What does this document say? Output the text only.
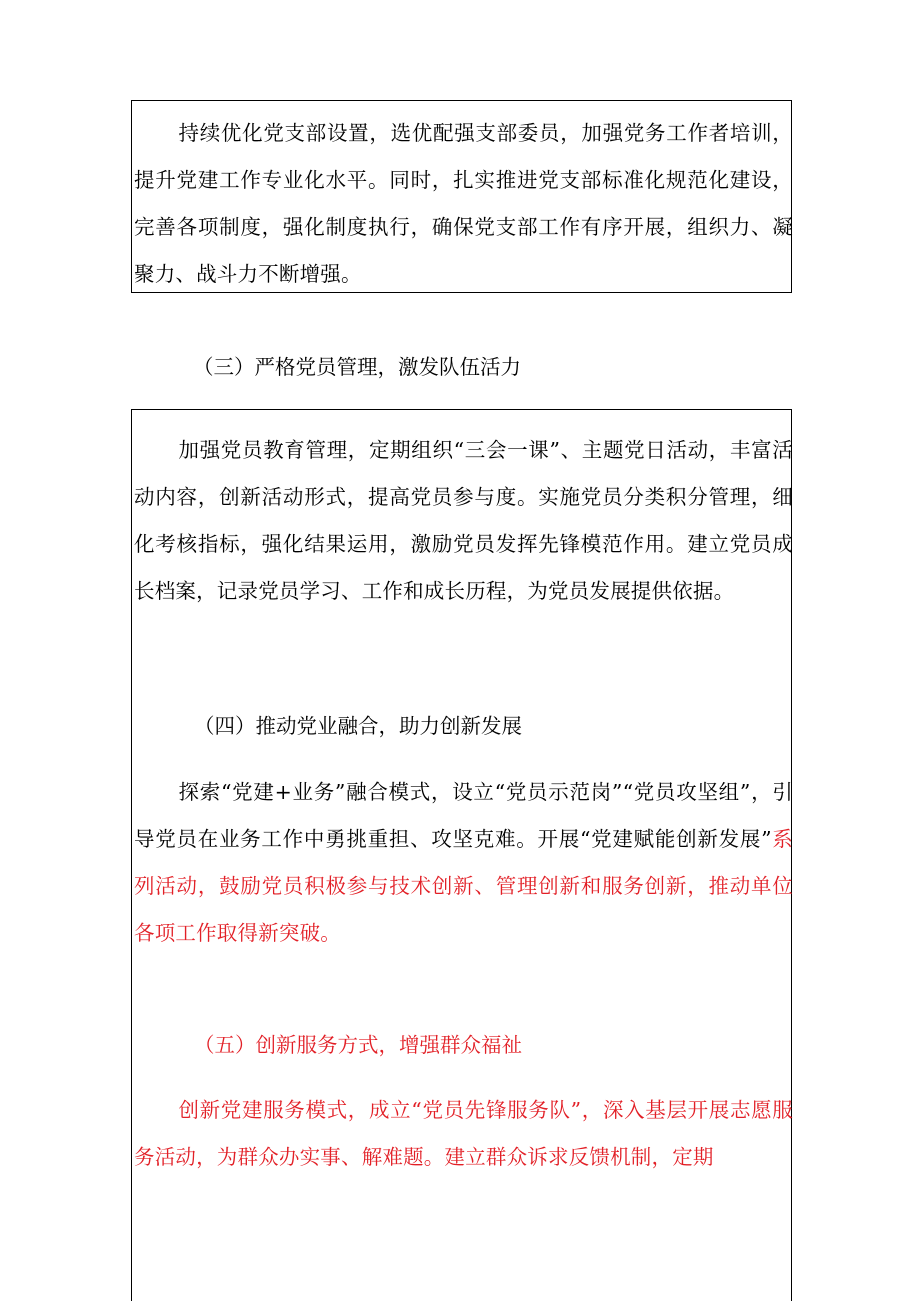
持续优化党支部设置，选优配强支部委员，加强党务工作者培训，提升党建工作专业化水平。同时，扎实推进党支部标准化规范化建设，完善各项制度，强化制度执行，确保党支部工作有序开展，组织力、凝聚力、战斗力不断增强。

（三）严格党员管理，激发队伍活力

加强党员教育管理，定期组织“三会一课”、主题党日活动，丰富活动内容，创新活动形式，提高党员参与度。实施党员分类积分管理，细化考核指标，强化结果运用，激励党员发挥先锋模范作用。建立党员成长档案，记录党员学习、工作和成长历程，为党员发展提供依据。

（四）推动党业融合，助力创新发展

探索“党建+业务”融合模式，设立“党员示范岗”“党员攻坚组”，引导党员在业务工作中勇挑重担、攻坚克难。开展“党建赋能创新发展”系列活动，鼓励党员积极参与技术创新、管理创新和服务创新，推动单位各项工作取得新突破。

（五）创新服务方式，增强群众福祉

创新党建服务模式，成立“党员先锋服务队”，深入基层开展志愿服务活动，为群众办实事、解难题。建立群众诉求反馈机制，定期
